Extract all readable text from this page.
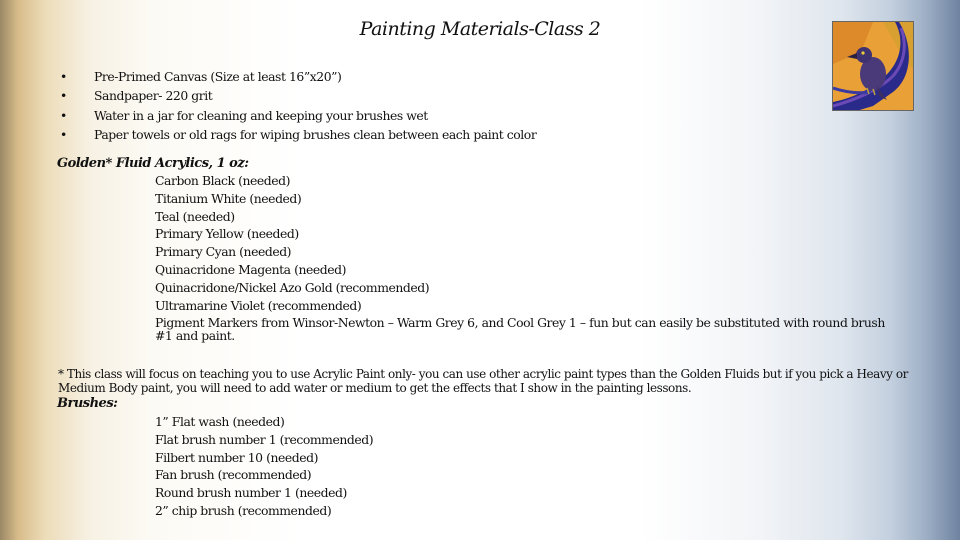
Painting Materials-Class 2
• Pre-Primed Canvas (Size at least 16”x20”)
• Sandpaper- 220 grit
• Water in a jar for cleaning and keeping your brushes wet
• Paper towels or old rags for wiping brushes clean between each paint color
Golden* Fluid Acrylics, 1 oz:
Carbon Black (needed)
Titanium White (needed)
Teal (needed)
Primary Yellow (needed)
Primary Cyan (needed)
Quinacridone Magenta (needed)
Quinacridone/Nickel Azo Gold (recommended)
Ultramarine Violet (recommended)
Pigment Markers from Winsor-Newton – Warm Grey 6, and Cool Grey 1 – fun but can easily be substituted with round brush #1 and paint.

* This class will focus on teaching you to use Acrylic Paint only- you can use other acrylic paint types than the Golden Fluids but if you pick a Heavy or Medium Body paint, you will need to add water or medium to get the effects that I show in the painting lessons.

Brushes:
1” Flat wash (needed)
Flat brush number 1 (recommended)
Filbert number 10 (needed)
Fan brush (recommended)
Round brush number 1 (needed)
2” chip brush (recommended)
